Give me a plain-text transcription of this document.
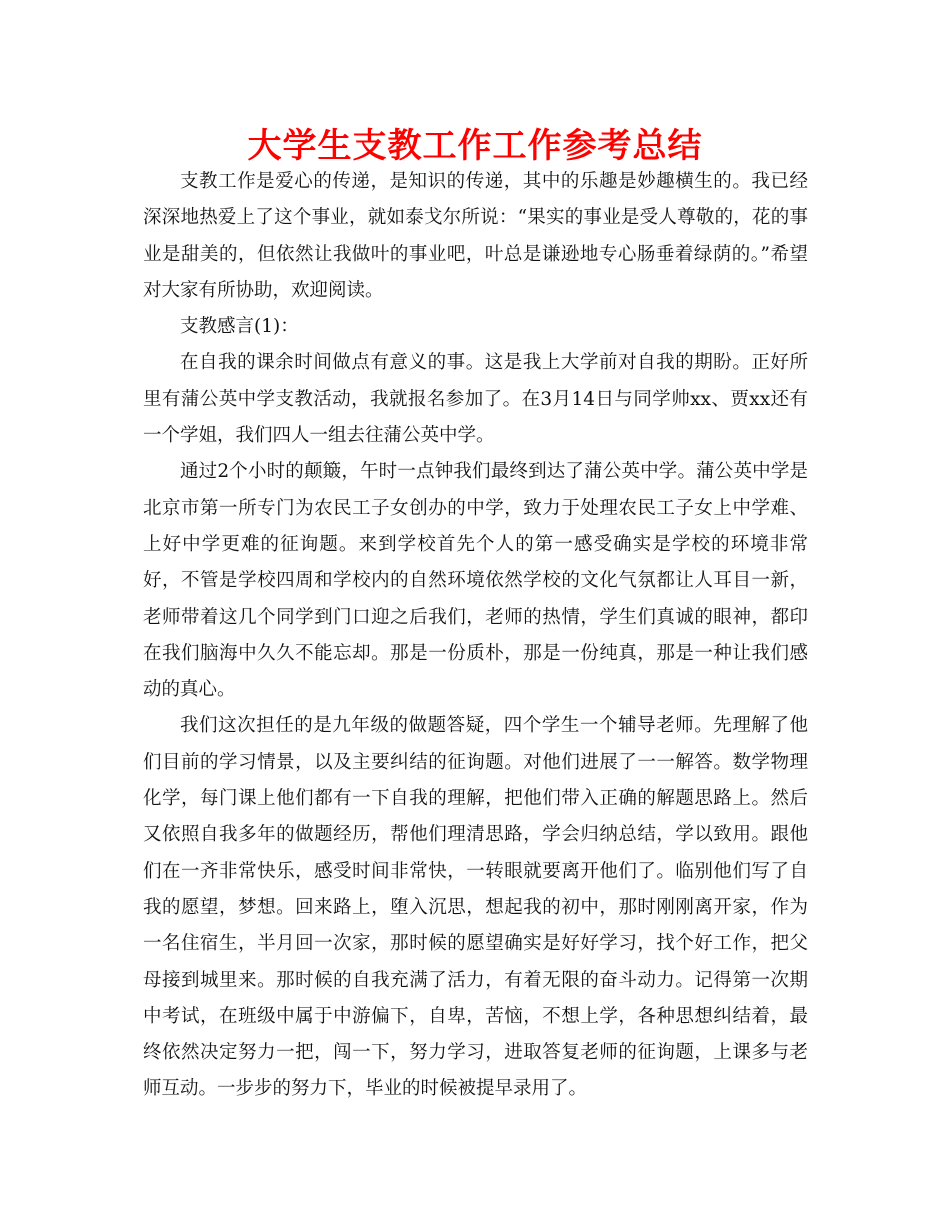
大学生支教工作工作参考总结

支教工作是爱心的传递，是知识的传递，其中的乐趣是妙趣横生的。我已经深深地热爱上了这个事业，就如泰戈尔所说：“果实的事业是受人尊敬的，花的事业是甜美的，但依然让我做叶的事业吧，叶总是谦逊地专心肠垂着绿荫的。”希望对大家有所协助，欢迎阅读。

支教感言(1)：

在自我的课余时间做点有意义的事。这是我上大学前对自我的期盼。正好所里有蒲公英中学支教活动，我就报名参加了。在3月14日与同学帅xx、贾xx还有一个学姐，我们四人一组去往蒲公英中学。

通过2个小时的颠簸，午时一点钟我们最终到达了蒲公英中学。蒲公英中学是北京市第一所专门为农民工子女创办的中学，致力于处理农民工子女上中学难、上好中学更难的征询题。来到学校首先个人的第一感受确实是学校的环境非常好，不管是学校四周和学校内的自然环境依然学校的文化气氛都让人耳目一新，老师带着这几个同学到门口迎之后我们，老师的热情，学生们真诚的眼神，都印在我们脑海中久久不能忘却。那是一份质朴，那是一份纯真，那是一种让我们感动的真心。

我们这次担任的是九年级的做题答疑，四个学生一个辅导老师。先理解了他们目前的学习情景，以及主要纠结的征询题。对他们进展了一一解答。数学物理化学，每门课上他们都有一下自我的理解，把他们带入正确的解题思路上。然后又依照自我多年的做题经历，帮他们理清思路，学会归纳总结，学以致用。跟他们在一齐非常快乐，感受时间非常快，一转眼就要离开他们了。临别他们写了自我的愿望，梦想。回来路上，堕入沉思，想起我的初中，那时刚刚离开家，作为一名住宿生，半月回一次家，那时候的愿望确实是好好学习，找个好工作，把父母接到城里来。那时候的自我充满了活力，有着无限的奋斗动力。记得第一次期中考试，在班级中属于中游偏下，自卑，苦恼，不想上学，各种思想纠结着，最终依然决定努力一把，闯一下，努力学习，进取答复老师的征询题，上课多与老师互动。一步步的努力下，毕业的时候被提早录用了。
